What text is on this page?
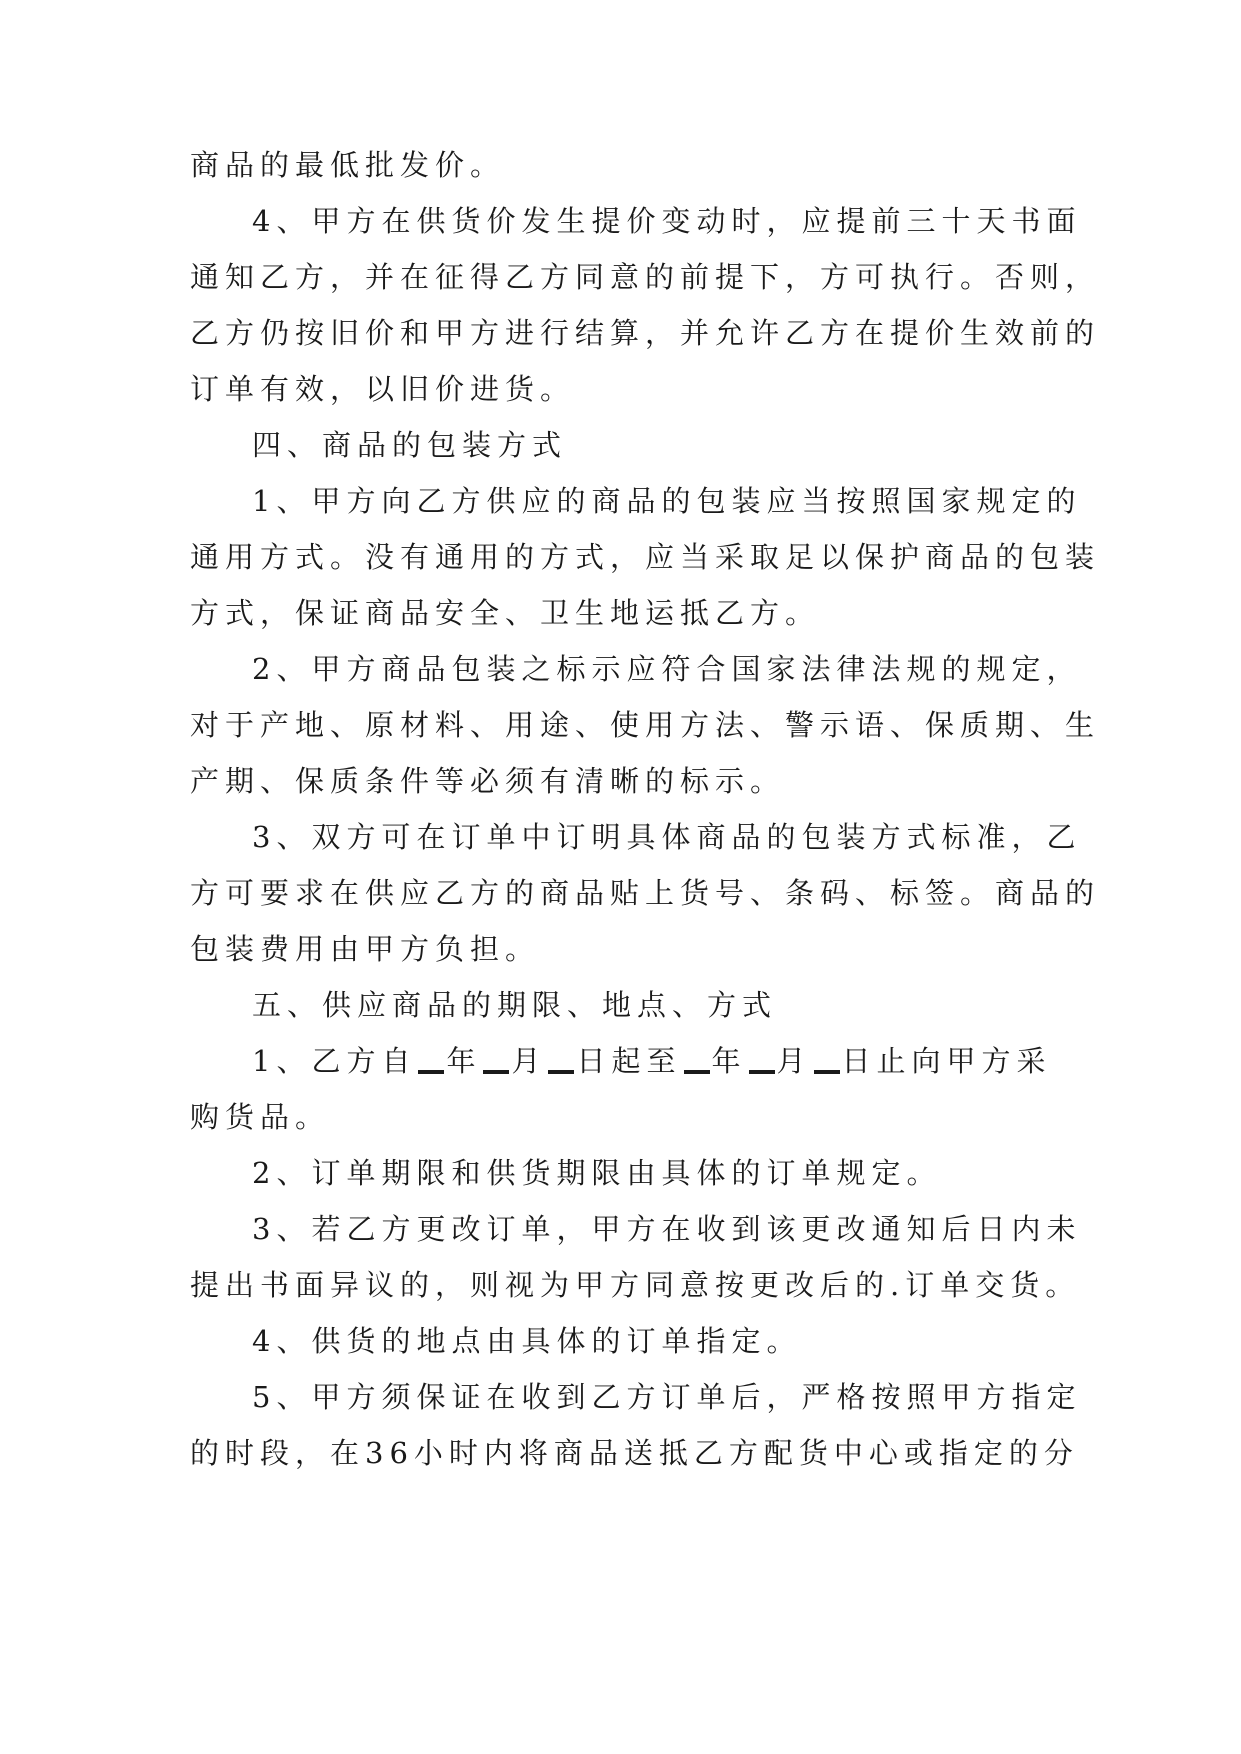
商品的最低批发价。
4、甲方在供货价发生提价变动时，应提前三十天书面
通知乙方，并在征得乙方同意的前提下，方可执行。否则，
乙方仍按旧价和甲方进行结算，并允许乙方在提价生效前的
订单有效，以旧价进货。
四、商品的包装方式
1、甲方向乙方供应的商品的包装应当按照国家规定的
通用方式。没有通用的方式，应当采取足以保护商品的包装
方式，保证商品安全、卫生地运抵乙方。
2、甲方商品包装之标示应符合国家法律法规的规定，
对于产地、原材料、用途、使用方法、警示语、保质期、生
产期、保质条件等必须有清晰的标示。
3、双方可在订单中订明具体商品的包装方式标准，乙
方可要求在供应乙方的商品贴上货号、条码、标签。商品的
包装费用由甲方负担。
五、供应商品的期限、地点、方式
1、乙方自 年 月 日起至 年 月 日止向甲方采
购货品。
2、订单期限和供货期限由具体的订单规定。
3、若乙方更改订单，甲方在收到该更改通知后日内未
提出书面异议的，则视为甲方同意按更改后的.订单交货。
4、供货的地点由具体的订单指定。
5、甲方须保证在收到乙方订单后，严格按照甲方指定
的时段，在36小时内将商品送抵乙方配货中心或指定的分
